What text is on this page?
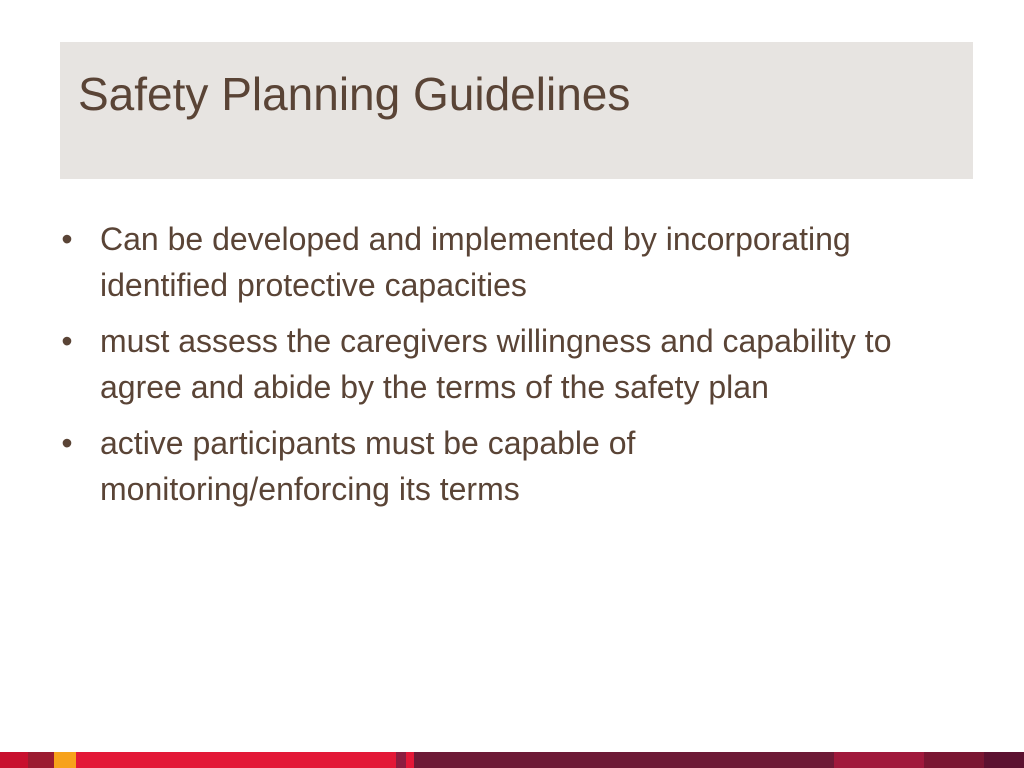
Safety Planning Guidelines
• Can be developed and implemented by incorporating identified protective capacities
• must assess the caregivers willingness and capability to agree and abide by the terms of the safety plan
• active participants must be capable of monitoring/enforcing its terms
